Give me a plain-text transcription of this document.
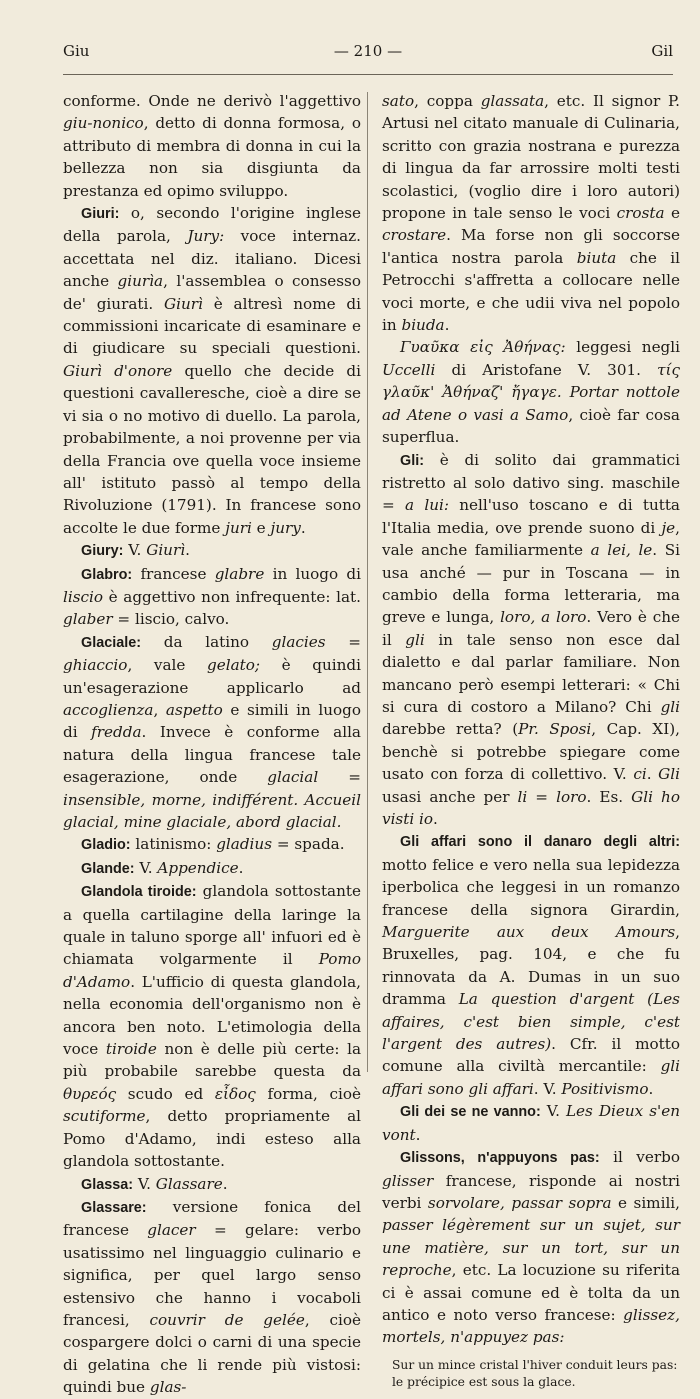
Giu	— 210 —	Gil

conforme. Onde ne derivò l'aggettivo giu-nonico, detto di donna formosa, o attributo di membra di donna in cui la bellezza non sia disgiunta da prestanza ed opimo sviluppo.

Giuri: o, secondo l'origine inglese della parola, Jury: voce internaz. accettata nel diz. italiano. Dicesi anche giurìa, l'assemblea o consesso de' giurati. Giurì è altresì nome di commissioni incaricate di esaminare e di giudicare su speciali questioni. Giurì d'onore quello che decide di questioni cavalleresche, cioè a dire se vi sia o no motivo di duello. La parola, probabilmente, a noi provenne per via della Francia ove quella voce insieme all' istituto passò al tempo della Rivoluzione (1791). In francese sono accolte le due forme juri e jury.

Giury: V. Giurì.

Glabro: francese glabre in luogo di liscio è aggettivo non infrequente: lat. glaber = liscio, calvo.

Glaciale: da latino glacies = ghiaccio, vale gelato; è quindi un'esagerazione applicarlo ad accoglienza, aspetto e simili in luogo di fredda. Invece è conforme alla natura della lingua francese tale esagerazione, onde glacial = insensible, morne, indifférent. Accueil glacial, mine glaciale, abord glacial.

Gladio: latinismo: gladius = spada.

Glande: V. Appendice.

Glandola tiroide: glandola sottostante a quella cartilagine della laringe la quale in taluno sporge all' infuori ed è chiamata volgarmente il Pomo d'Adamo. L'ufficio di questa glandola, nella economia dell'organismo non è ancora ben noto. L'etimologia della voce tiroide non è delle più certe: la più probabile sarebbe questa da θυρεός scudo ed εἶδος forma, cioè scutiforme, detto propriamente al Pomo d'Adamo, indi esteso alla glandola sottostante.

Glassa: V. Glassare.

Glassare: versione fonica del francese glacer = gelare: verbo usatissimo nel linguaggio culinario e significa, per quel largo senso estensivo che hanno i vocaboli francesi, couvrir de gelée, cioè cospargere dolci o carni di una specie di gelatina che li rende più vistosi: quindi bue glas-

sato, coppa glassata, etc. Il signor P. Artusi nel citato manuale di Culinaria, scritto con grazia nostrana e purezza di lingua da far arrossire molti testi scolastici, (voglio dire i loro autori) propone in tale senso le voci crosta e crostare. Ma forse non gli soccorse l'antica nostra parola biuta che il Petrocchi s'affretta a collocare nelle voci morte, e che udii viva nel popolo in biuda.

Γυαῦκα εἰς Ἀθήνας: leggesi negli Uccelli di Aristofane V. 301. τίς γλαῦκ' Ἀθήναζ' ἤγαγε. Portar nottole ad Atene o vasi a Samo, cioè far cosa superflua.

Gli: è di solito dai grammatici ristretto al solo dativo sing. maschile = a lui: nell'uso toscano e di tutta l'Italia media, ove prende suono di je, vale anche familiarmente a lei, le. Si usa anché — pur in Toscana — in cambio della forma letteraria, ma greve e lunga, loro, a loro. Vero è che il gli in tale senso non esce dal dialetto e dal parlar familiare. Non mancano però esempi letterari: « Chi si cura di costoro a Milano? Chi gli darebbe retta? (Pr. Sposi, Cap. XI), benchè si potrebbe spiegare come usato con forza di collettivo. V. ci. Gli usasi anche per li = loro. Es. Gli ho visti io.

Gli affari sono il danaro degli altri: motto felice e vero nella sua lepidezza iperbolica che leggesi in un romanzo francese della signora Girardin, Marguerite aux deux Amours, Bruxelles, pag. 104, e che fu rinnovata da A. Dumas in un suo dramma La question d'argent (Les affaires, c'est bien simple, c'est l'argent des autres). Cfr. il motto comune alla civiltà mercantile: gli affari sono gli affari. V. Positivismo.

Gli dei se ne vanno: V. Les Dieux s'en vont.

Glissons, n'appuyons pas: il verbo glisser francese, risponde ai nostri verbi sorvolare, passar sopra e simili, passer légèrement sur un sujet, sur une matière, sur un tort, sur un reproche, etc. La locuzione su riferita ci è assai comune ed è tolta da un antico e noto verso francese: glissez, mortels, n'appuyez pas:

Sur un mince cristal l'hiver conduit leurs pas:
le précipice est sous la glace.
